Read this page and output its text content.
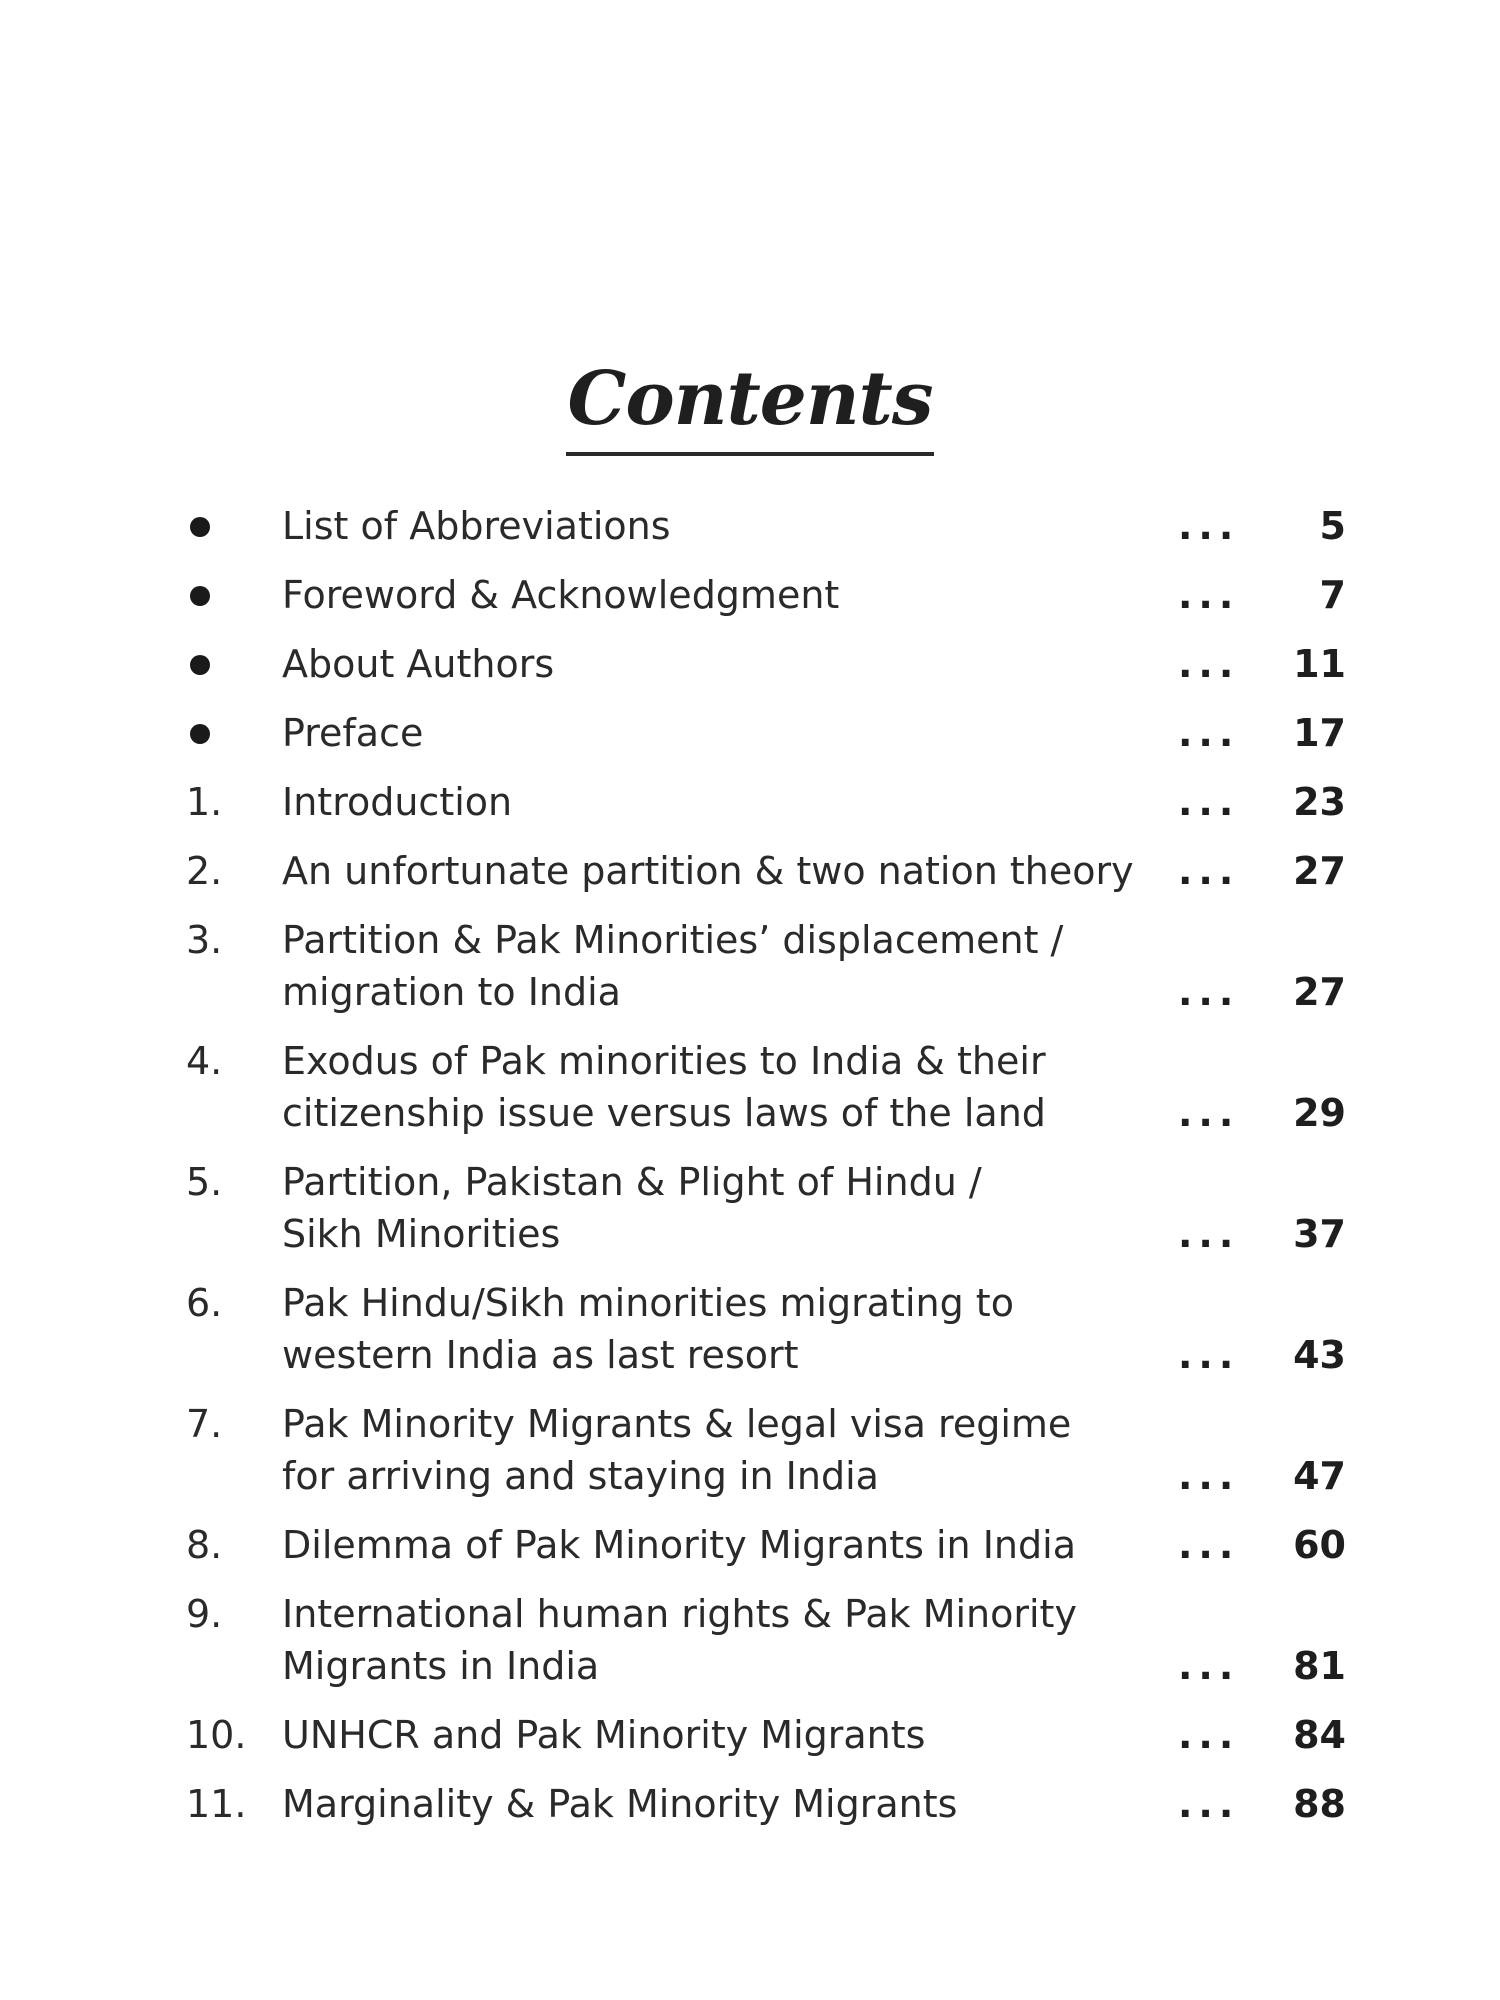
Contents
List of Abbreviations	...	5
Foreword & Acknowledgment	...	7
About Authors	...	11
Preface	...	17
1.	Introduction	...	23
2.	An unfortunate partition & two nation theory	...	27
3.	Partition & Pak Minorities’ displacement /
migration to India	...	27
4.	Exodus of Pak minorities to India & their
citizenship issue versus laws of the land	...	29
5.	Partition, Pakistan & Plight of Hindu /
Sikh Minorities	...	37
6.	Pak Hindu/Sikh minorities migrating to
western India as last resort	...	43
7.	Pak Minority Migrants & legal visa regime
for arriving and staying in India	...	47
8.	Dilemma of Pak Minority Migrants in India	...	60
9.	International human rights & Pak Minority
Migrants in India	...	81
10. UNHCR and Pak Minority Migrants	...	84
11. Marginality & Pak Minority Migrants	...	88
